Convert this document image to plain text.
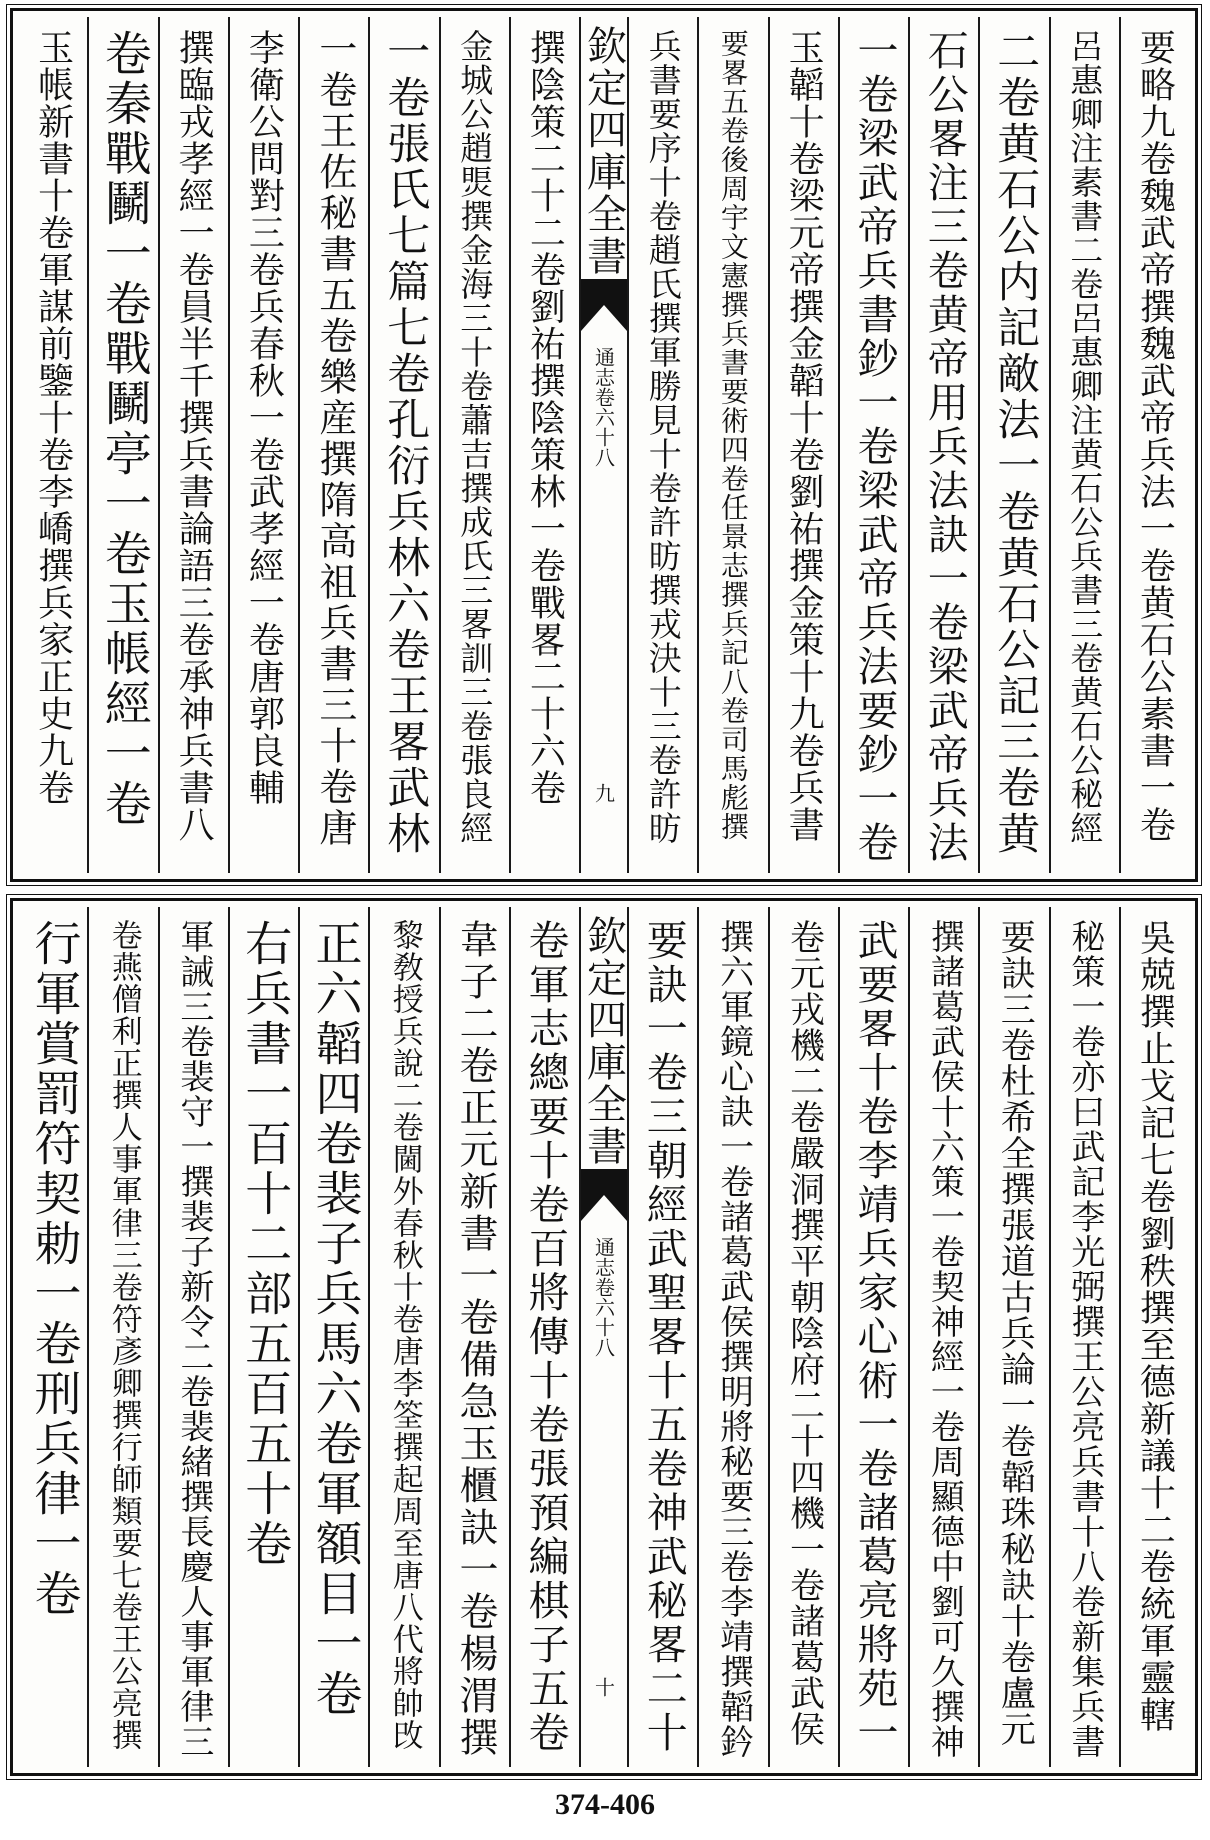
要略九卷魏武帝撰魏武帝兵法一卷黄石公素書一卷
呂惠卿注素書二卷呂惠卿注黄石公兵書三卷黄石公秘經
二卷黄石公内記敵法一卷黄石公記三卷黄
石公畧注三卷黄帝用兵法訣一卷梁武帝兵法
一卷梁武帝兵書鈔一卷梁武帝兵法要鈔一卷
玉韜十卷梁元帝撰金韜十卷劉祐撰金策十九卷兵書
要畧五卷後周宇文憲撰兵書要術四卷任景志撰兵記八卷司馬彪撰
兵書要序十卷趙氏撰軍勝見十卷許昉撰戎決十三卷許昉
欽定四庫全書
通志卷六十八
九
撰陰策二十二卷劉祐撰陰策林一卷戰畧二十六卷
金城公趙煚撰金海三十卷蕭吉撰成氏三畧訓三卷張良經
一卷張氏七篇七卷孔衍兵林六卷王畧武林
一卷王佐秘書五卷樂産撰隋高祖兵書三十卷唐
李衛公問對三卷兵春秋一卷武孝經一卷唐郭良輔
撰臨戎孝經一卷員半千撰兵書論語三卷承神兵書八
卷秦戰鬭一卷戰鬭亭一卷玉帳經一卷
玉帳新書十卷軍謀前鑒十卷李嶠撰兵家正史九卷
吳兢撰止戈記七卷劉秩撰至德新議十二卷統軍靈轄
秘策一卷亦曰武記李光弼撰王公亮兵書十八卷新集兵書
要訣三卷杜希全撰張道古兵論一卷韜珠秘訣十卷盧元
撰諸葛武侯十六策一卷契神經一卷周顯德中劉可久撰神
武要畧十卷李靖兵家心術一卷諸葛亮將苑一
卷元戎機二卷嚴洞撰平朝陰府二十四機一卷諸葛武侯
撰六軍鏡心訣一卷諸葛武侯撰明將秘要三卷李靖撰韜鈐
要訣一卷三朝經武聖畧十五卷神武秘畧二十
欽定四庫全書
通志卷六十八
十
卷軍志總要十卷百將傳十卷張預編棋子五卷
韋子二卷正元新書一卷備急玉櫃訣一卷楊渭撰
黎敎授兵說二卷閫外春秋十卷唐李筌撰起周至唐八代將帥攺
正六韜四卷裴子兵馬六卷軍額目一卷
右兵書一百十二部五百五十卷
軍誡三卷裴守一撰裴子新令二卷裴緒撰長慶人事軍律三
卷燕僧利正撰人事軍律三卷符彥卿撰行師類要七卷王公亮撰
行軍賞罰符契勅一卷刑兵律一卷
374-406
